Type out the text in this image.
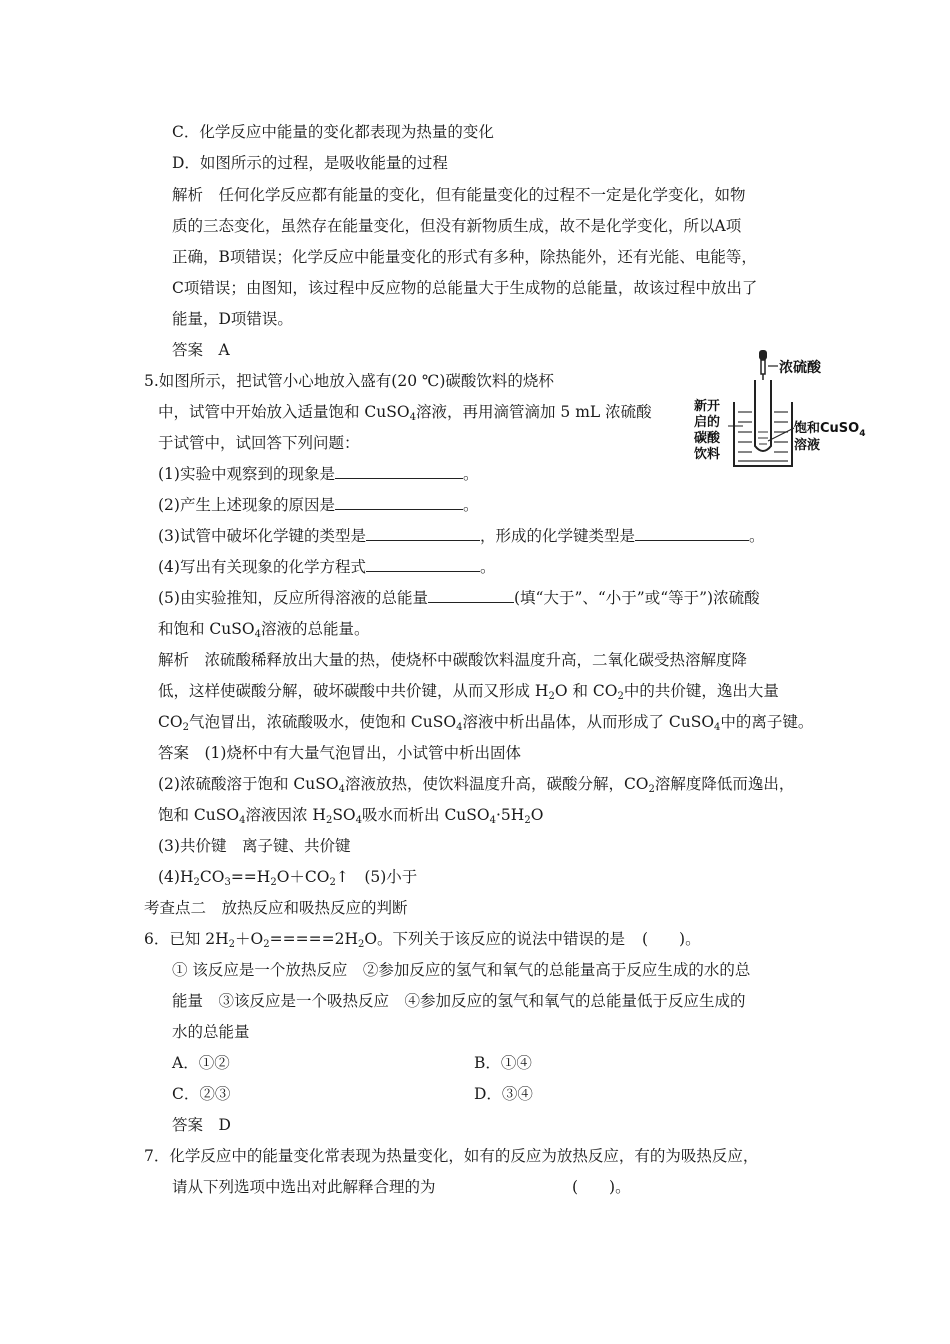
C．化学反应中能量的变化都表现为热量的变化
D．如图所示的过程，是吸收能量的过程
解析　任何化学反应都有能量的变化，但有能量变化的过程不一定是化学变化，如物
质的三态变化，虽然存在能量变化，但没有新物质生成，故不是化学变化，所以A项
正确，B项错误；化学反应中能量变化的形式有多种，除热能外，还有光能、电能等，
C项错误；由图知，该过程中反应物的总能量大于生成物的总能量，故该过程中放出了
能量，D项错误。
答案　A
5.如图所示，把试管小心地放入盛有(20 ℃)碳酸饮料的烧杯
中，试管中开始放入适量饱和 CuSO$_4$溶液，再用滴管滴加 5 mL 浓硫酸
于试管中，试回答下列问题：
浓硫酸
新开
启的
碳酸
饮料
饱和CuSO$_4$
溶液
(1)实验中观察到的现象是	。
(2)产生上述现象的原因是	。
(3)试管中破坏化学键的类型是	，形成的化学键类型是	。
(4)写出有关现象的化学方程式	。
(5)由实验推知，反应所得溶液的总能量	(填“大于”、“小于”或“等于”)浓硫酸
和饱和 CuSO$_4$溶液的总能量。
解析　浓硫酸稀释放出大量的热，使烧杯中碳酸饮料温度升高，二氧化碳受热溶解度降
低，这样使碳酸分解，破坏碳酸中共价键，从而又形成 $H_2O$ 和 $CO_2$中的共价键，逸出大量
$CO_2$气泡冒出，浓硫酸吸水，使饱和 CuSO$_4$溶液中析出晶体，从而形成了 CuSO$_4$中的离子键。
答案　(1)烧杯中有大量气泡冒出，小试管中析出固体
(2)浓硫酸溶于饱和 CuSO$_4$溶液放热，使饮料温度升高，碳酸分解，$CO_2$溶解度降低而逸出，
饱和 CuSO$_4$溶液因浓 $H_2SO_4$吸水而析出 $CuSO_4\cdot 5H_2O$
(3)共价键　离子键、共价键
$(4)H_2CO_3==H_2O+CO_2↑$　(5)小于
考查点二　放热反应和吸热反应的判断
6．已知 $2H_2+O_2=====2H_2O$。下列关于该反应的说法中错误的是 (　　)。
① 该反应是一个放热反应　②参加反应的氢气和氧气的总能量高于反应生成的水的总
能量　③该反应是一个吸热反应　④参加反应的氢气和氧气的总能量低于反应生成的
水的总能量
A．①②	B．①④
C．②③	D．③④
答案　D
7．化学反应中的能量变化常表现为热量变化，如有的反应为放热反应，有的为吸热反应，
请从下列选项中选出对此解释合理的为	(　　)。
